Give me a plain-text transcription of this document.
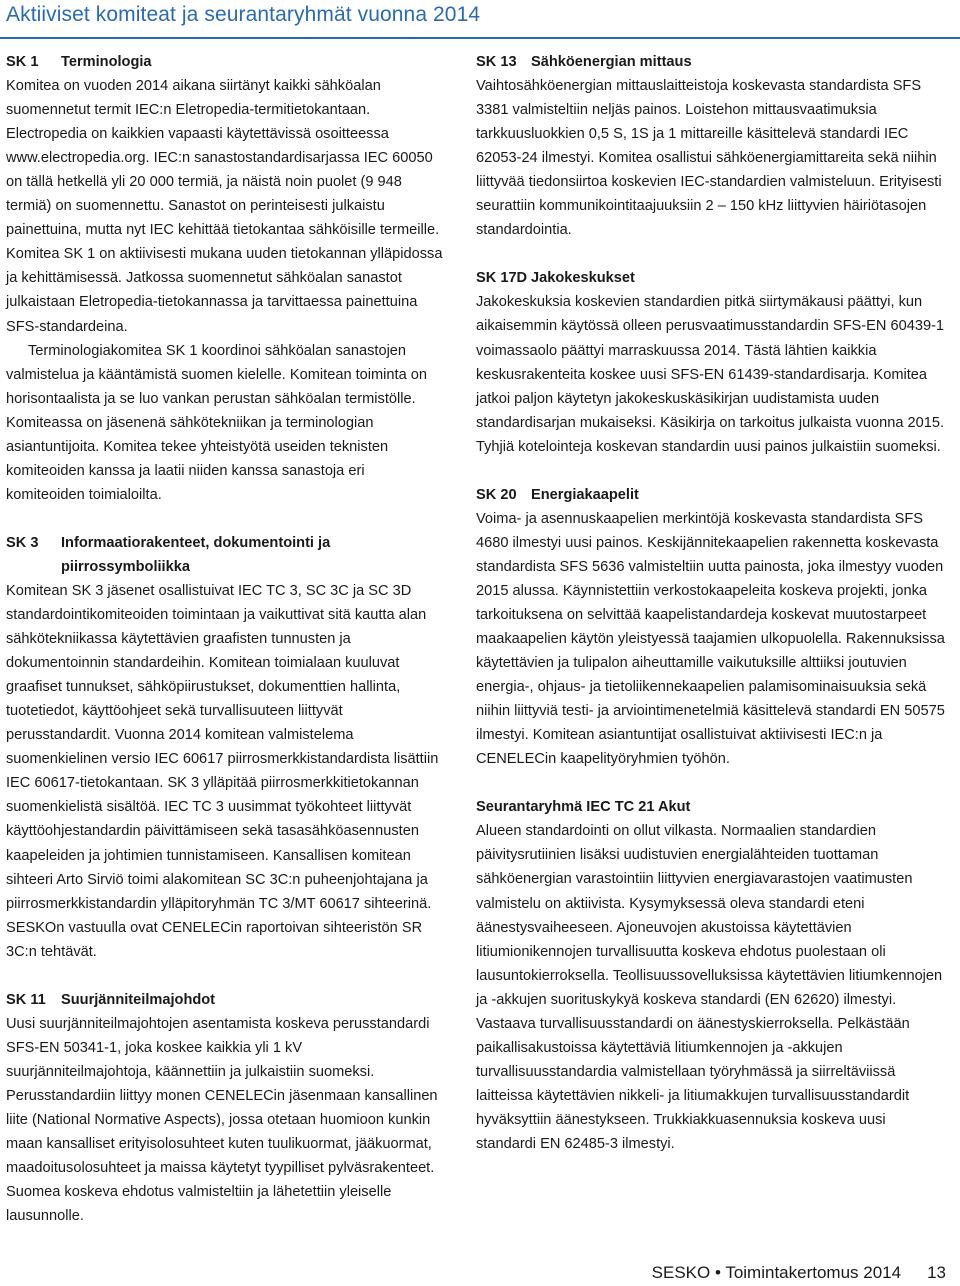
Aktiiviset komiteat ja seurantaryhmät vuonna 2014
SK 1	Terminologia

Komitea on vuoden 2014 aikana siirtänyt kaikki sähköalan suomennetut termit IEC:n Eletropedia-termitietokantaan. Electropedia on kaikkien vapaasti käytettävissä osoitteessa www.electropedia.org. IEC:n sanastostandardisarjassa IEC 60050 on tällä hetkellä yli 20 000 termiä, ja näistä noin puolet (9 948 termiä) on suomennettu. Sanastot on perinteisesti julkaistu painettuina, mutta nyt IEC kehittää tietokantaa sähköisille termeille. Komitea SK 1 on aktiivisesti mukana uuden tietokannan ylläpidossa ja kehittämisessä. Jatkossa suomennetut sähköalan sanastot julkaistaan Eletropedia-tietokannassa ja tarvittaessa painettuina SFS-standardeina.

Terminologiakomitea SK 1 koordinoi sähköalan sanastojen valmistelua ja kääntämistä suomen kielelle. Komitean toiminta on horisontaalista ja se luo vankan perustan sähköalan termistölle. Komiteassa on jäsenenä sähkötekniikan ja terminologian asiantuntijoita. Komitea tekee yhteistyötä useiden teknisten komiteoiden kanssa ja laatii niiden kanssa sanastoja eri komiteoiden toimialoilta.

SK 3	Informaatiorakenteet, dokumentointi ja piirrossymboliikka

Komitean SK 3 jäsenet osallistuivat IEC TC 3, SC 3C ja SC 3D standardointikomiteoiden toimintaan ja vaikuttivat sitä kautta alan sähkötekniikassa käytettävien graafisten tunnusten ja dokumentoinnin standardeihin. Komitean toimialaan kuuluvat graafiset tunnukset, sähköpiirustukset, dokumenttien hallinta, tuotetiedot, käyttöohjeet sekä turvallisuuteen liittyvät perusstandardit. Vuonna 2014 komitean valmistelema suomenkielinen versio IEC 60617 piirrosmerkkistandardista lisättiin IEC 60617-tietokantaan. SK 3 ylläpitää piirrosmerkkitietokannan suomenkielistä sisältöä. IEC TC 3 uusimmat työkohteet liittyvät käyttöohjestandardin päivittämiseen sekä tasasähköasennusten kaapeleiden ja johtimien tunnistamiseen. Kansallisen komitean sihteeri Arto Sirviö toimi alakomitean SC 3C:n puheenjohtajana ja piirrosmerkkistandardin ylläpitoryhmän TC 3/MT 60617 sihteerinä. SESKOn vastuulla ovat CENELECin raportoivan sihteeristön SR 3C:n tehtävät.

SK 11	Suurjänniteilmajohdot

Uusi suurjänniteilmajohtojen asentamista koskeva perusstandardi SFS-EN 50341-1, joka koskee kaikkia yli 1 kV suurjänniteilmajohtoja, käännettiin ja julkaistiin suomeksi. Perusstandardiin liittyy monen CENELECin jäsenmaan kansallinen liite (National Normative Aspects), jossa otetaan huomioon kunkin maan kansalliset erityisolosuhteet kuten tuulikuormat, jääkuormat, maadoitusolosuhteet ja maissa käytetyt tyypilliset pylväsrakenteet. Suomea koskeva ehdotus valmisteltiin ja lähetettiin yleiselle lausunnolle.

SK 13 Sähköenergian mittaus

Vaihtosähköenergian mittauslaitteistoja koskevasta standardista SFS 3381 valmisteltiin neljäs painos. Loistehon mittausvaatimuksia tarkkuusluokkien 0,5 S, 1S ja 1 mittareille käsittelevä standardi IEC 62053-24 ilmestyi. Komitea osallistui sähköenergiamittareita sekä niihin liittyvää tiedonsiirtoa koskevien IEC-standardien valmisteluun. Erityisesti seurattiin kommunikointitaajuuksiin 2 – 150 kHz liittyvien häiriötasojen standardointia.

SK 17D Jakokeskukset

Jakokeskuksia koskevien standardien pitkä siirtymäkausi päättyi, kun aikaisemmin käytössä olleen perusvaatimusstandardin SFS-EN 60439-1 voimassaolo päättyi marraskuussa 2014. Tästä lähtien kaikkia keskusrakenteita koskee uusi SFS-EN 61439-standardisarja. Komitea jatkoi paljon käytetyn jakokeskuskäsikirjan uudistamista uuden standardisarjan mukaiseksi. Käsikirja on tarkoitus julkaista vuonna 2015. Tyhjiä kotelointeja koskevan standardin uusi painos julkaistiin suomeksi.

SK 20 Energiakaapelit

Voima- ja asennuskaapelien merkintöjä koskevasta standardista SFS 4680 ilmestyi uusi painos. Keskijännitekaapelien rakennetta koskevasta standardista SFS 5636 valmisteltiin uutta painosta, joka ilmestyy vuoden 2015 alussa. Käynnistettiin verkostokaapeleita koskeva projekti, jonka tarkoituksena on selvittää kaapelistandardeja koskevat muutostarpeet maakaapelien käytön yleistyessä taajamien ulkopuolella. Rakennuksissa käytettävien ja tulipalon aiheuttamille vaikutuksille alttiiksi joutuvien energia-, ohjaus- ja tietoliikennekaapelien palamisominaisuuksia sekä niihin liittyviä testi- ja arviointimenetelmiä käsittelevä standardi EN 50575 ilmestyi. Komitean asiantuntijat osallistuivat aktiivisesti IEC:n ja CENELECin kaapelityöryhmien työhön.

Seurantaryhmä IEC TC 21 Akut

Alueen standardointi on ollut vilkasta. Normaalien standardien päivitysrutiinien lisäksi uudistuvien energialähteiden tuottaman sähköenergian varastointiin liittyvien energiavarastojen vaatimusten valmistelu on aktiivista. Kysymyksessä oleva standardi eteni äänestysvaiheeseen. Ajoneuvojen akustoissa käytettävien litiumionikennojen turvallisuutta koskeva ehdotus puolestaan oli lausuntokierroksella. Teollisuussovelluksissa käytettävien litiumkennojen ja -akkujen suorituskykyä koskeva standardi (EN 62620) ilmestyi. Vastaava turvallisuusstandardi on äänestyskierroksella. Pelkästään paikallisakustoissa käytettäviä litiumkennojen ja -akkujen turvallisuusstandardia valmistellaan työryhmässä ja siirreltäviissä laitteissa käytettävien nikkeli- ja litiumakkujen turvallisuusstandardit hyväksyttiin äänestykseen. Trukkiakkuasennuksia koskeva uusi standardi EN 62485-3 ilmestyi.

SESKO • Toimintakertomus 2014 13
